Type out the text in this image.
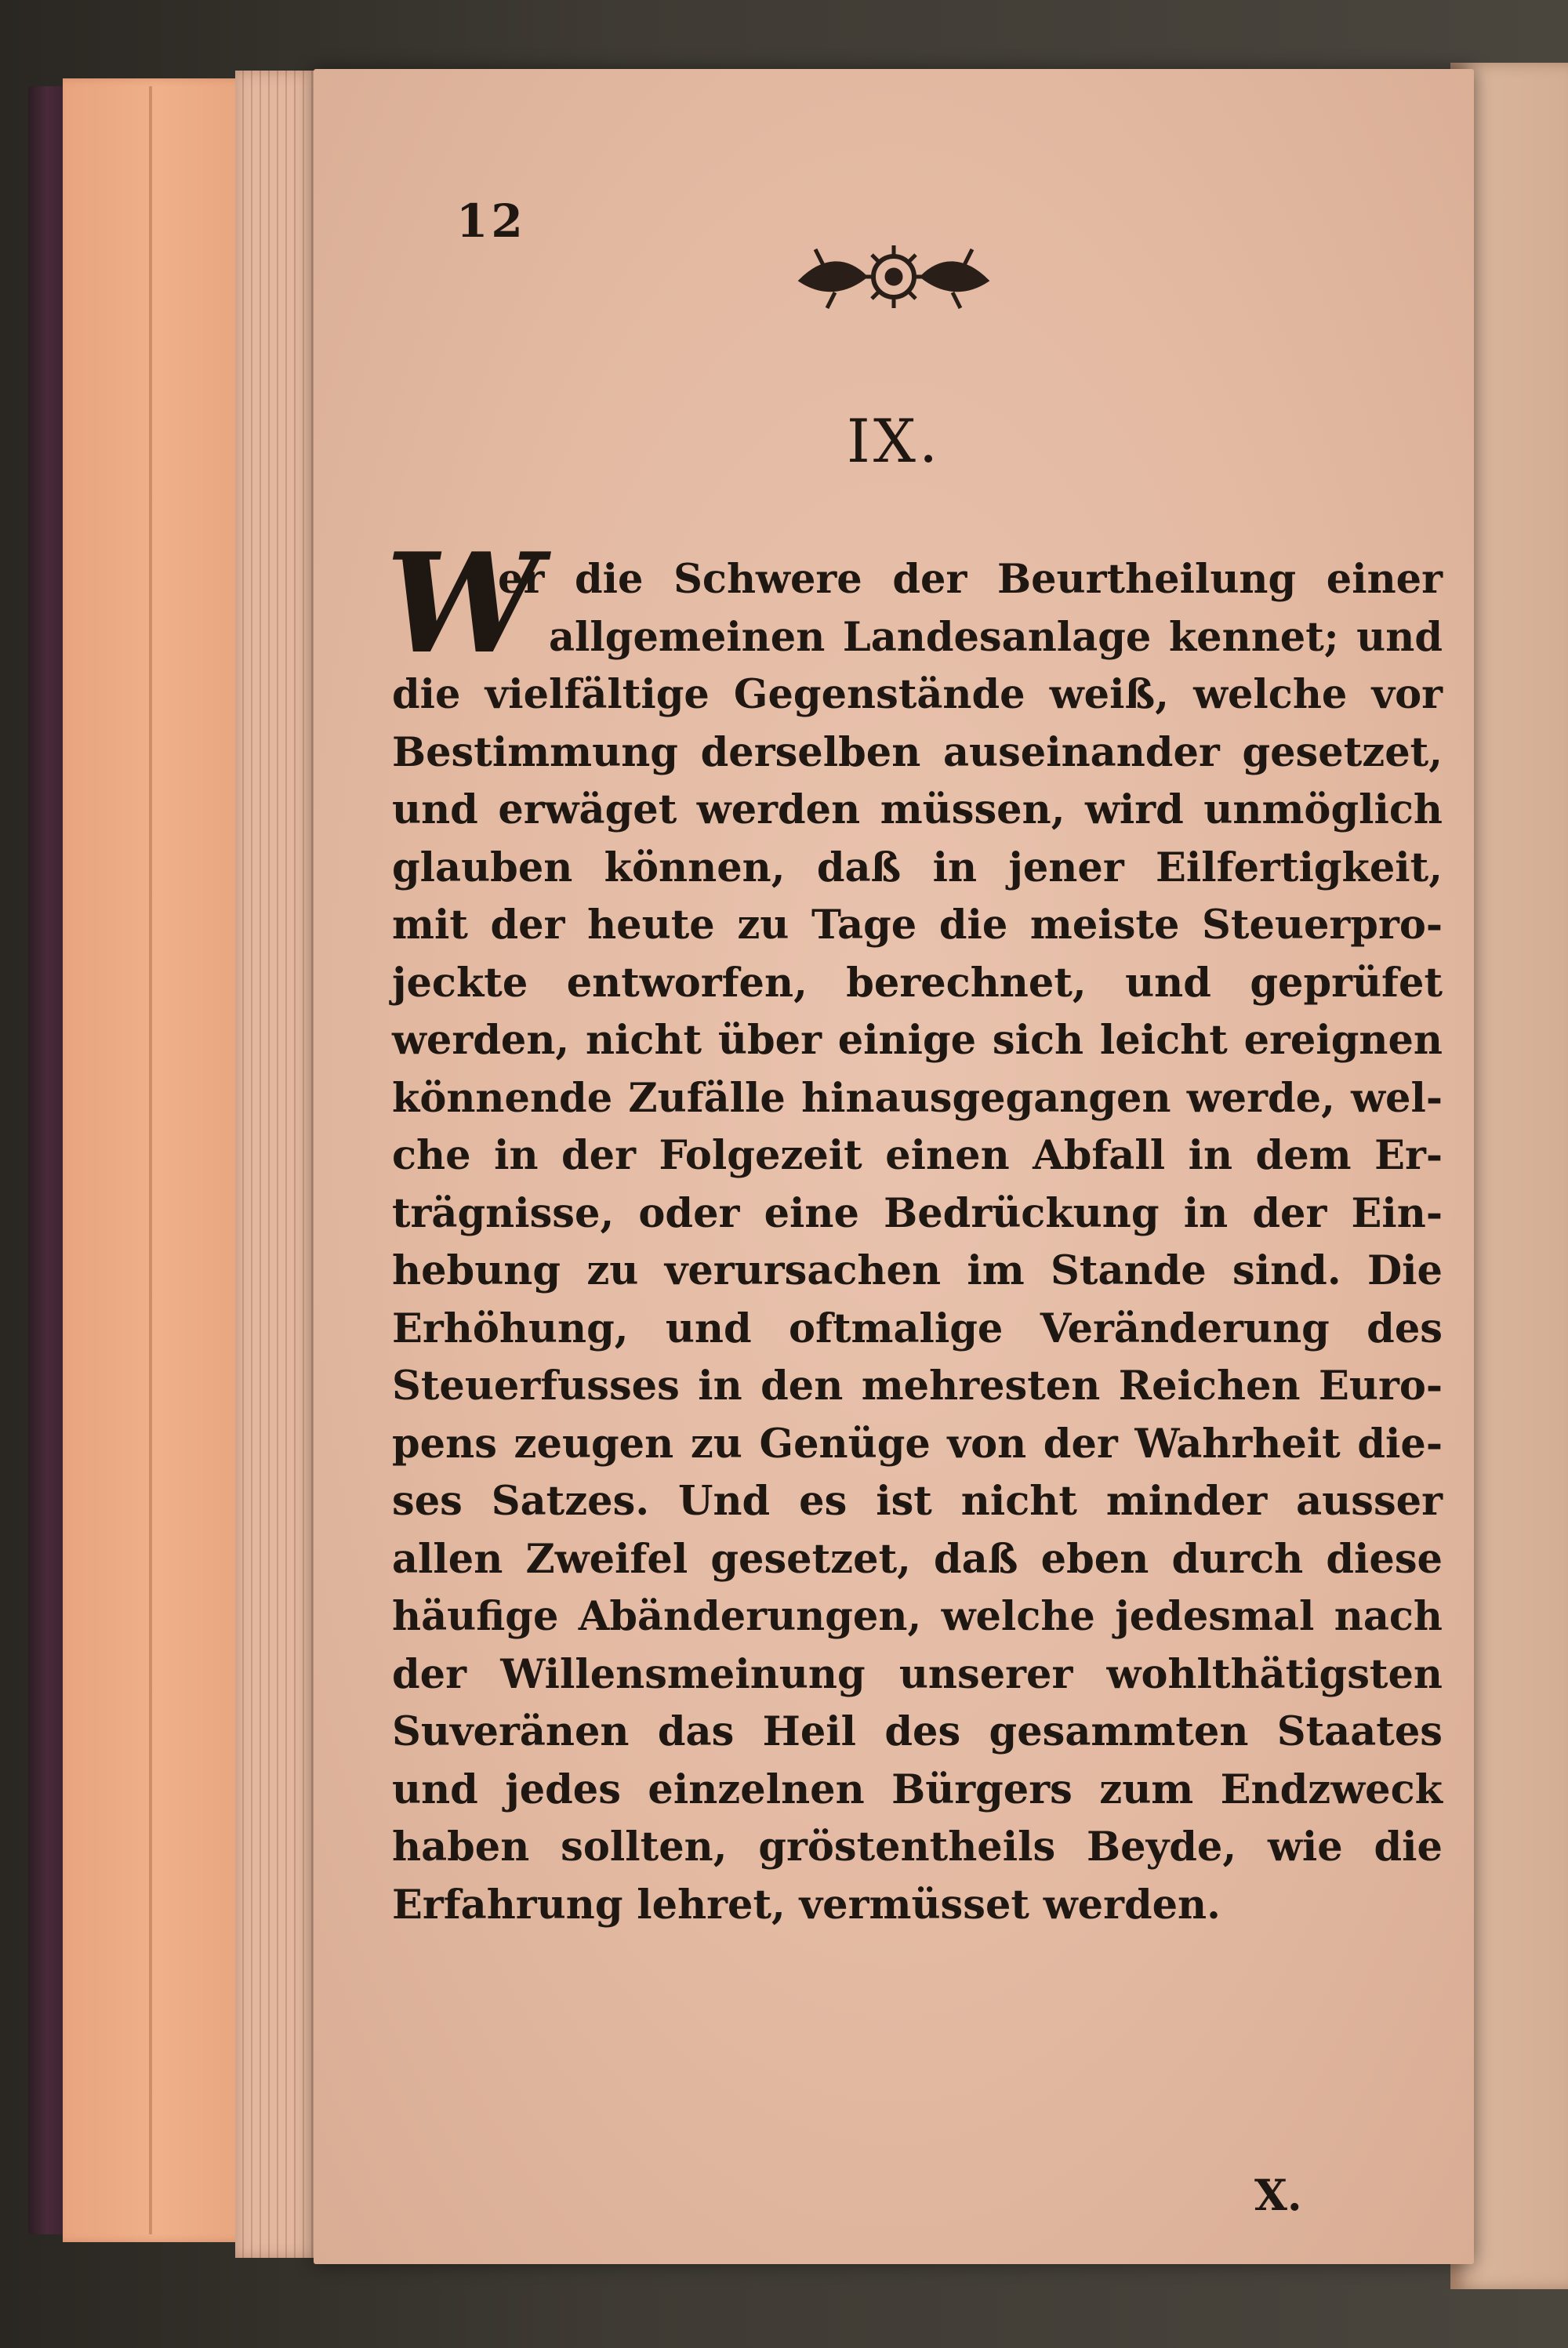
12
IX.
W
er die Schwere der Beurtheilung einer
allgemeinen Landesanlage kennet; und
die vielfältige Gegenstände weiß, welche vor
Bestimmung derselben auseinander gesetzet,
und erwäget werden müssen, wird unmöglich
glauben können, daß in jener Eilfertigkeit,
mit der heute zu Tage die meiste Steuerpro-
jeckte entworfen, berechnet, und geprüfet
werden, nicht über einige sich leicht ereignen
könnende Zufälle hinausgegangen werde, wel-
che in der Folgezeit einen Abfall in dem Er-
trägnisse, oder eine Bedrückung in der Ein-
hebung zu verursachen im Stande sind. Die
Erhöhung, und oftmalige Veränderung des
Steuerfusses in den mehresten Reichen Euro-
pens zeugen zu Genüge von der Wahrheit die-
ses Satzes. Und es ist nicht minder ausser
allen Zweifel gesetzet, daß eben durch diese
häufige Abänderungen, welche jedesmal nach
der Willensmeinung unserer wohlthätigsten
Suveränen das Heil des gesammten Staates
und jedes einzelnen Bürgers zum Endzweck
haben sollten, gröstentheils Beyde, wie die
Erfahrung lehret, vermüsset werden.
X.
